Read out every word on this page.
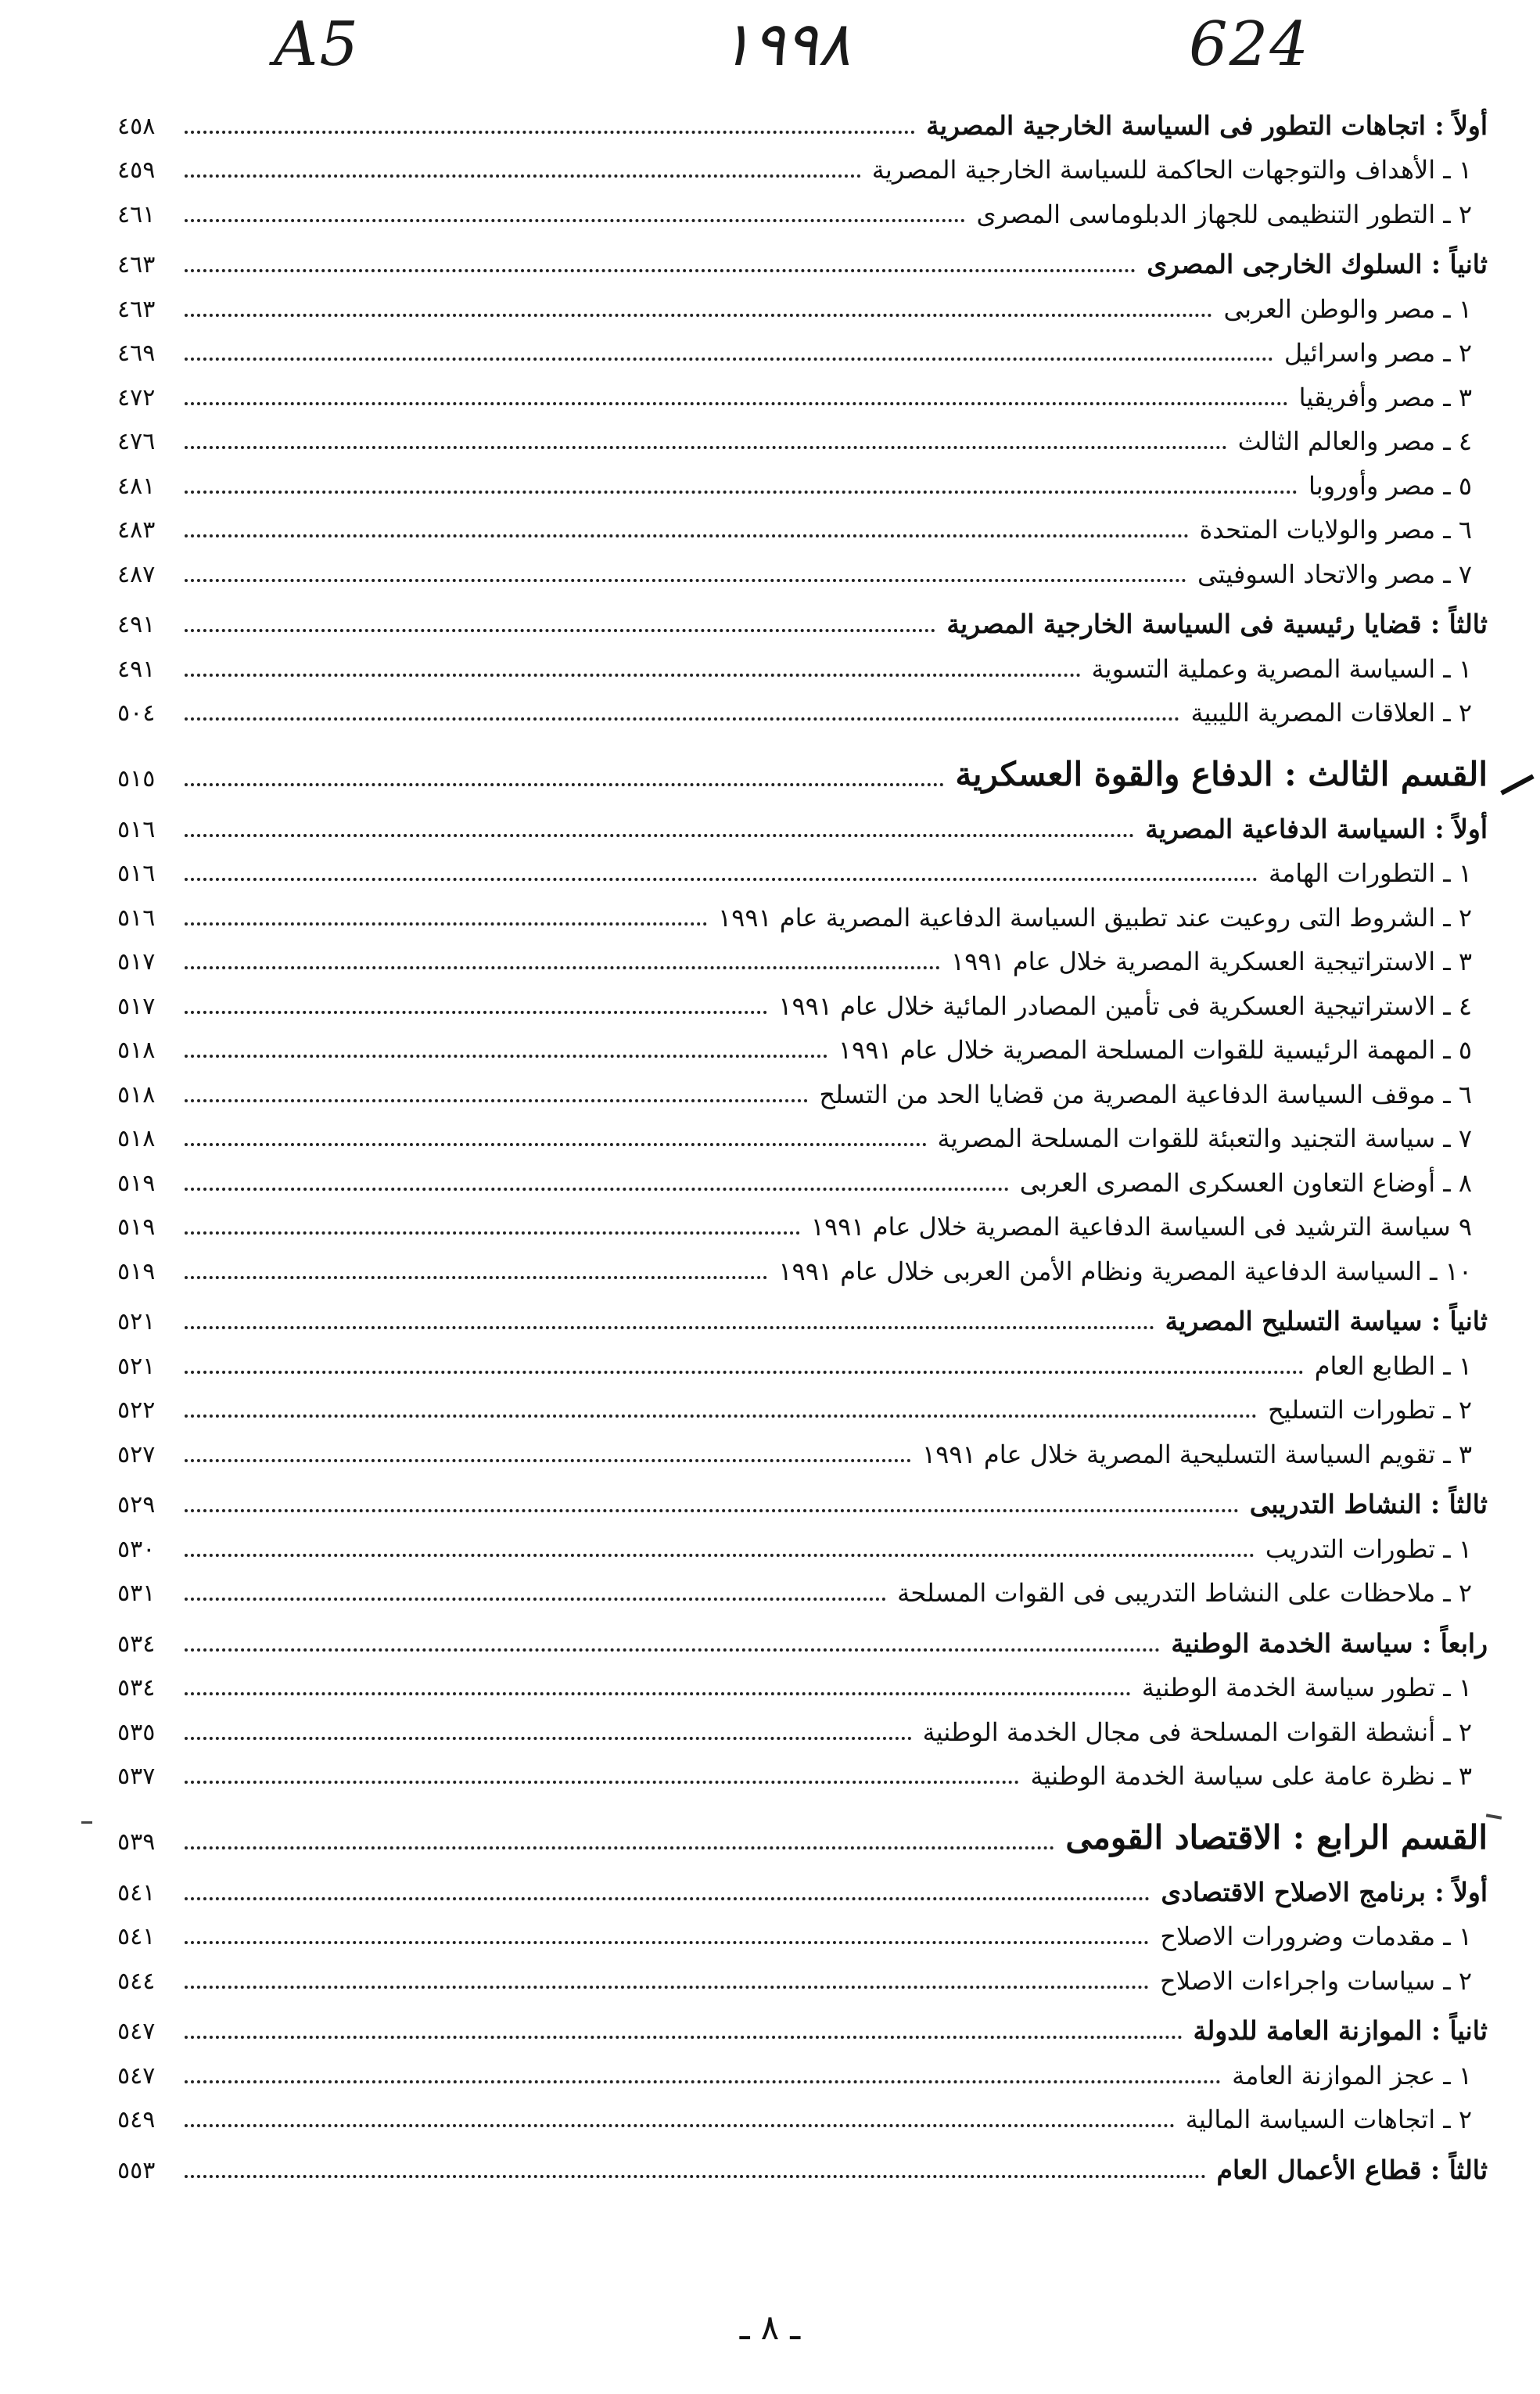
A5	١٩٩٨	624
أولاً : اتجاهات التطور فى السياسة الخارجية المصرية
٤٥٨
١ ـ الأهداف والتوجهات الحاكمة للسياسة الخارجية المصرية
٤٥٩
٢ ـ التطور التنظيمى للجهاز الدبلوماسى المصرى
٤٦١
ثانياً : السلوك الخارجى المصرى
٤٦٣
١ ـ مصر والوطن العربى
٤٦٣
٢ ـ مصر واسرائيل
٤٦٩
٣ ـ مصر وأفريقيا
٤٧٢
٤ ـ مصر والعالم الثالث
٤٧٦
٥ ـ مصر وأوروبا
٤٨١
٦ ـ مصر والولايات المتحدة
٤٨٣
٧ ـ مصر والاتحاد السوفيتى
٤٨٧
ثالثاً : قضايا رئيسية فى السياسة الخارجية المصرية
٤٩١
١ ـ السياسة المصرية وعملية التسوية
٤٩١
٢ ـ العلاقات المصرية الليبية
٥٠٤
القسم الثالث : الدفاع والقوة العسكرية
٥١٥
أولاً : السياسة الدفاعية المصرية
٥١٦
١ ـ التطورات الهامة
٥١٦
٢ ـ الشروط التى روعيت عند تطبيق السياسة الدفاعية المصرية عام ١٩٩١
٥١٦
٣ ـ الاستراتيجية العسكرية المصرية خلال عام ١٩٩١
٥١٧
٤ ـ الاستراتيجية العسكرية فى تأمين المصادر المائية خلال عام ١٩٩١
٥١٧
٥ ـ المهمة الرئيسية للقوات المسلحة المصرية خلال عام ١٩٩١
٥١٨
٦ ـ موقف السياسة الدفاعية المصرية من قضايا الحد من التسلح
٥١٨
٧ ـ سياسة التجنيد والتعبئة للقوات المسلحة المصرية
٥١٨
٨ ـ أوضاع التعاون العسكرى المصرى العربى
٥١٩
٩ سياسة الترشيد فى السياسة الدفاعية المصرية خلال عام ١٩٩١
٥١٩
١٠ ـ السياسة الدفاعية المصرية ونظام الأمن العربى خلال عام ١٩٩١
٥١٩
ثانياً : سياسة التسليح المصرية
٥٢١
١ ـ الطابع العام
٥٢١
٢ ـ تطورات التسليح
٥٢٢
٣ ـ تقويم السياسة التسليحية المصرية خلال عام ١٩٩١
٥٢٧
ثالثاً : النشاط التدريبى
٥٢٩
١ ـ تطورات التدريب
٥٣٠
٢ ـ ملاحظات على النشاط التدريبى فى القوات المسلحة
٥٣١
رابعاً : سياسة الخدمة الوطنية
٥٣٤
١ ـ تطور سياسة الخدمة الوطنية
٥٣٤
٢ ـ أنشطة القوات المسلحة فى مجال الخدمة الوطنية
٥٣٥
٣ ـ نظرة عامة على سياسة الخدمة الوطنية
٥٣٧
القسم الرابع : الاقتصاد القومى
٥٣٩
أولاً : برنامج الاصلاح الاقتصادى
٥٤١
١ ـ مقدمات وضرورات الاصلاح
٥٤١
٢ ـ سياسات واجراءات الاصلاح
٥٤٤
ثانياً : الموازنة العامة للدولة
٥٤٧
١ ـ عجز الموازنة العامة
٥٤٧
٢ ـ اتجاهات السياسة المالية
٥٤٩
ثالثاً : قطاع الأعمال العام
٥٥٣
ـ ٨ ـ
